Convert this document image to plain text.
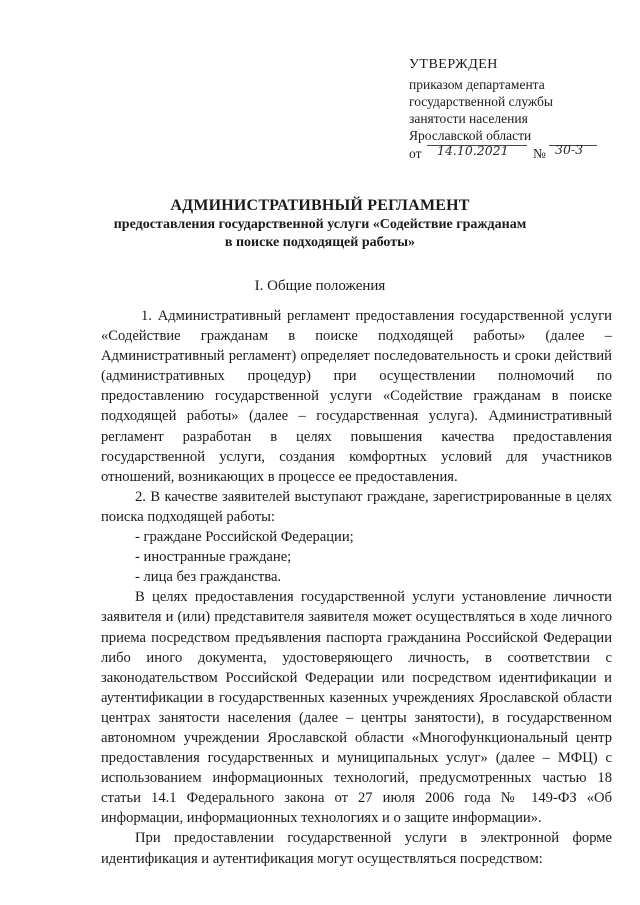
УТВЕРЖДЕН
приказом департамента
государственной службы
занятости населения
Ярославской области
от 14.10.2021 № 30-3
АДМИНИСТРАТИВНЫЙ РЕГЛАМЕНТ
предоставления государственной услуги «Содействие гражданам
в поиске подходящей работы»
I. Общие положения

1. Административный регламент предоставления государственной услуги «Содействие гражданам в поиске подходящей работы» (далее – Административный регламент) определяет последовательность и сроки действий (административных процедур) при осуществлении полномочий по предоставлению государственной услуги «Содействие гражданам в поиске подходящей работы» (далее – государственная услуга). Административный регламент разработан в целях повышения качества предоставления государственной услуги, создания комфортных условий для участников отношений, возникающих в процессе ее предоставления.

2. В качестве заявителей выступают граждане, зарегистрированные в целях поиска подходящей работы:

- граждане Российской Федерации;

- иностранные граждане;

- лица без гражданства.

В целях предоставления государственной услуги установление личности заявителя и (или) представителя заявителя может осуществляться в ходе личного приема посредством предъявления паспорта гражданина Российской Федерации либо иного документа, удостоверяющего личность, в соответствии с законодательством Российской Федерации или посредством идентификации и аутентификации в государственных казенных учреждениях Ярославской области центрах занятости населения (далее – центры занятости), в государственном автономном учреждении Ярославской области «Многофункциональный центр предоставления государственных и муниципальных услуг» (далее – МФЦ) с использованием информационных технологий, предусмотренных частью 18 статьи 14.1 Федерального закона от 27 июля 2006 года № 149-ФЗ «Об информации, информационных технологиях и о защите информации».

При предоставлении государственной услуги в электронной форме идентификация и аутентификация могут осуществляться посредством:
